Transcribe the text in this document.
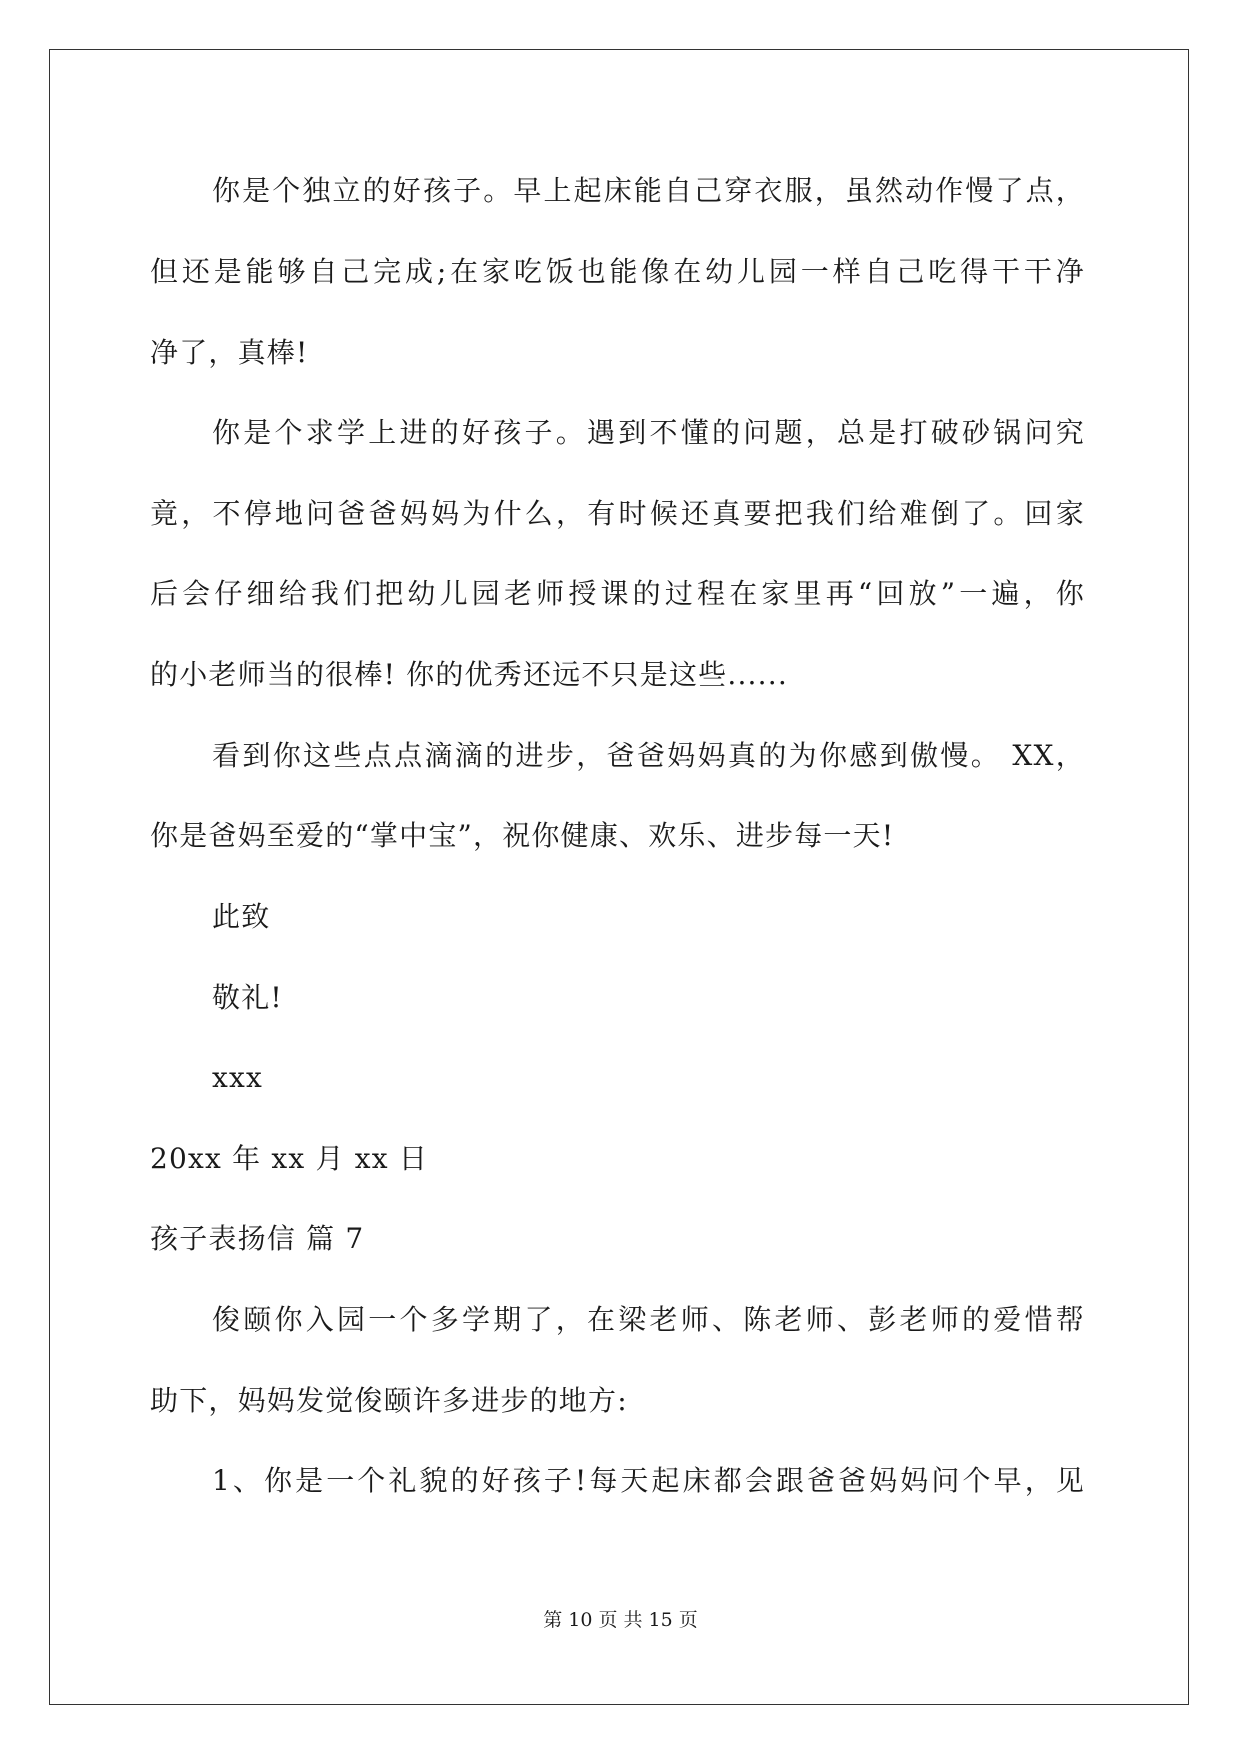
你是个独立的好孩子。早上起床能自己穿衣服，虽然动作慢了点，
但还是能够自己完成;在家吃饭也能像在幼儿园一样自己吃得干干净
净了，真棒!
你是个求学上进的好孩子。遇到不懂的问题，总是打破砂锅问究
竟，不停地问爸爸妈妈为什么，有时候还真要把我们给难倒了。回家
后会仔细给我们把幼儿园老师授课的过程在家里再“回放”一遍，你
的小老师当的很棒! 你的优秀还远不只是这些......
看到你这些点点滴滴的进步，爸爸妈妈真的为你感到傲慢。 XX，
你是爸妈至爱的“掌中宝”，祝你健康、欢乐、进步每一天!
此致
敬礼!
xxx
20xx 年 xx 月 xx 日
孩子表扬信 篇 7
俊颐你入园一个多学期了，在梁老师、陈老师、彭老师的爱惜帮
助下，妈妈发觉俊颐许多进步的地方:
1、你是一个礼貌的好孩子!每天起床都会跟爸爸妈妈问个早，见
第 10 页 共 15 页
